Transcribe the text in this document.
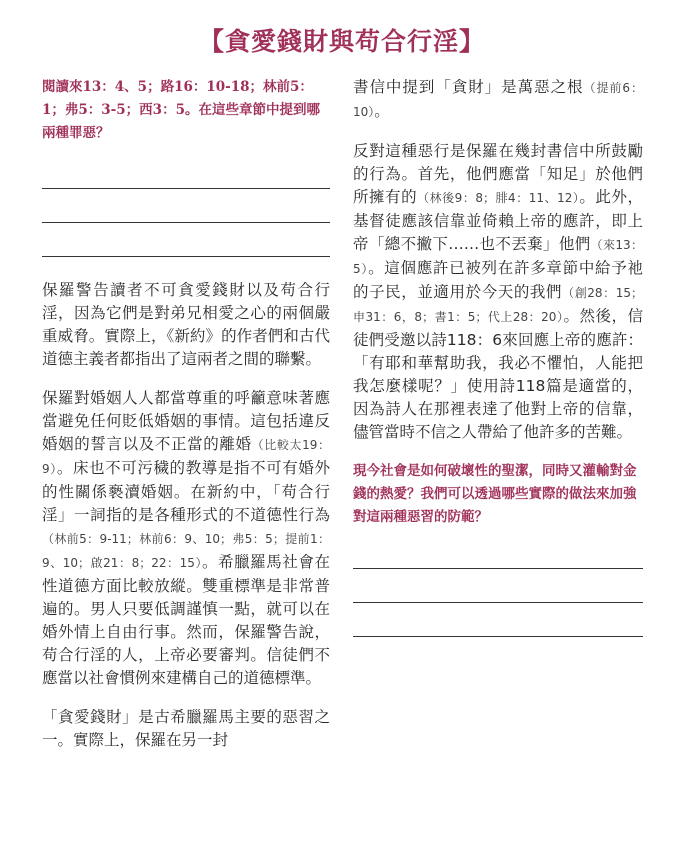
【貪愛錢財與苟合行淫】

閱讀來13：4、5；路16：10-18；林前5：1；弗5：3-5；西3：5。在這些章節中提到哪兩種罪惡？

保羅警告讀者不可貪愛錢財以及苟合行淫，因為它們是對弟兄相愛之心的兩個嚴重威脅。實際上，《新約》的作者們和古代道德主義者都指出了這兩者之間的聯繫。

保羅對婚姻人人都當尊重的呼籲意味著應當避免任何貶低婚姻的事情。這包括違反婚姻的誓言以及不正當的離婚（比較太19：9）。床也不可污穢的教導是指不可有婚外的性關係褻瀆婚姻。在新約中，「苟合行淫」一詞指的是各種形式的不道德性行為（林前5：9-11；林前6：9、10；弗5：5；提前1：9、10；啟21：8；22：15）。希臘羅馬社會在性道德方面比較放縱。雙重標準是非常普遍的。男人只要低調謹慎一點，就可以在婚外情上自由行事。然而，保羅警告說，苟合行淫的人，上帝必要審判。信徒們不應當以社會慣例來建構自己的道德標準。

「貪愛錢財」是古希臘羅馬主要的惡習之一。實際上，保羅在另一封

書信中提到「貪財」是萬惡之根（提前6：10）。

反對這種惡行是保羅在幾封書信中所鼓勵的行為。首先，他們應當「知足」於他們所擁有的（林後9：8；腓4：11、12）。此外，基督徒應該信靠並倚賴上帝的應許，即上帝「總不撇下……也不丟棄」他們（來13：5）。這個應許已被列在許多章節中給予祂的子民，並適用於今天的我們（創28：15；申31：6，8；書1：5；代上28：20）。然後，信徒們受邀以詩118：6來回應上帝的應許：「有耶和華幫助我，我必不懼怕，人能把我怎麼樣呢？」使用詩118篇是適當的，因為詩人在那裡表達了他對上帝的信靠，儘管當時不信之人帶給了他許多的苦難。

現今社會是如何破壞性的聖潔，同時又灌輸對金錢的熱愛？我們可以透過哪些實際的做法來加強對這兩種惡習的防範？
